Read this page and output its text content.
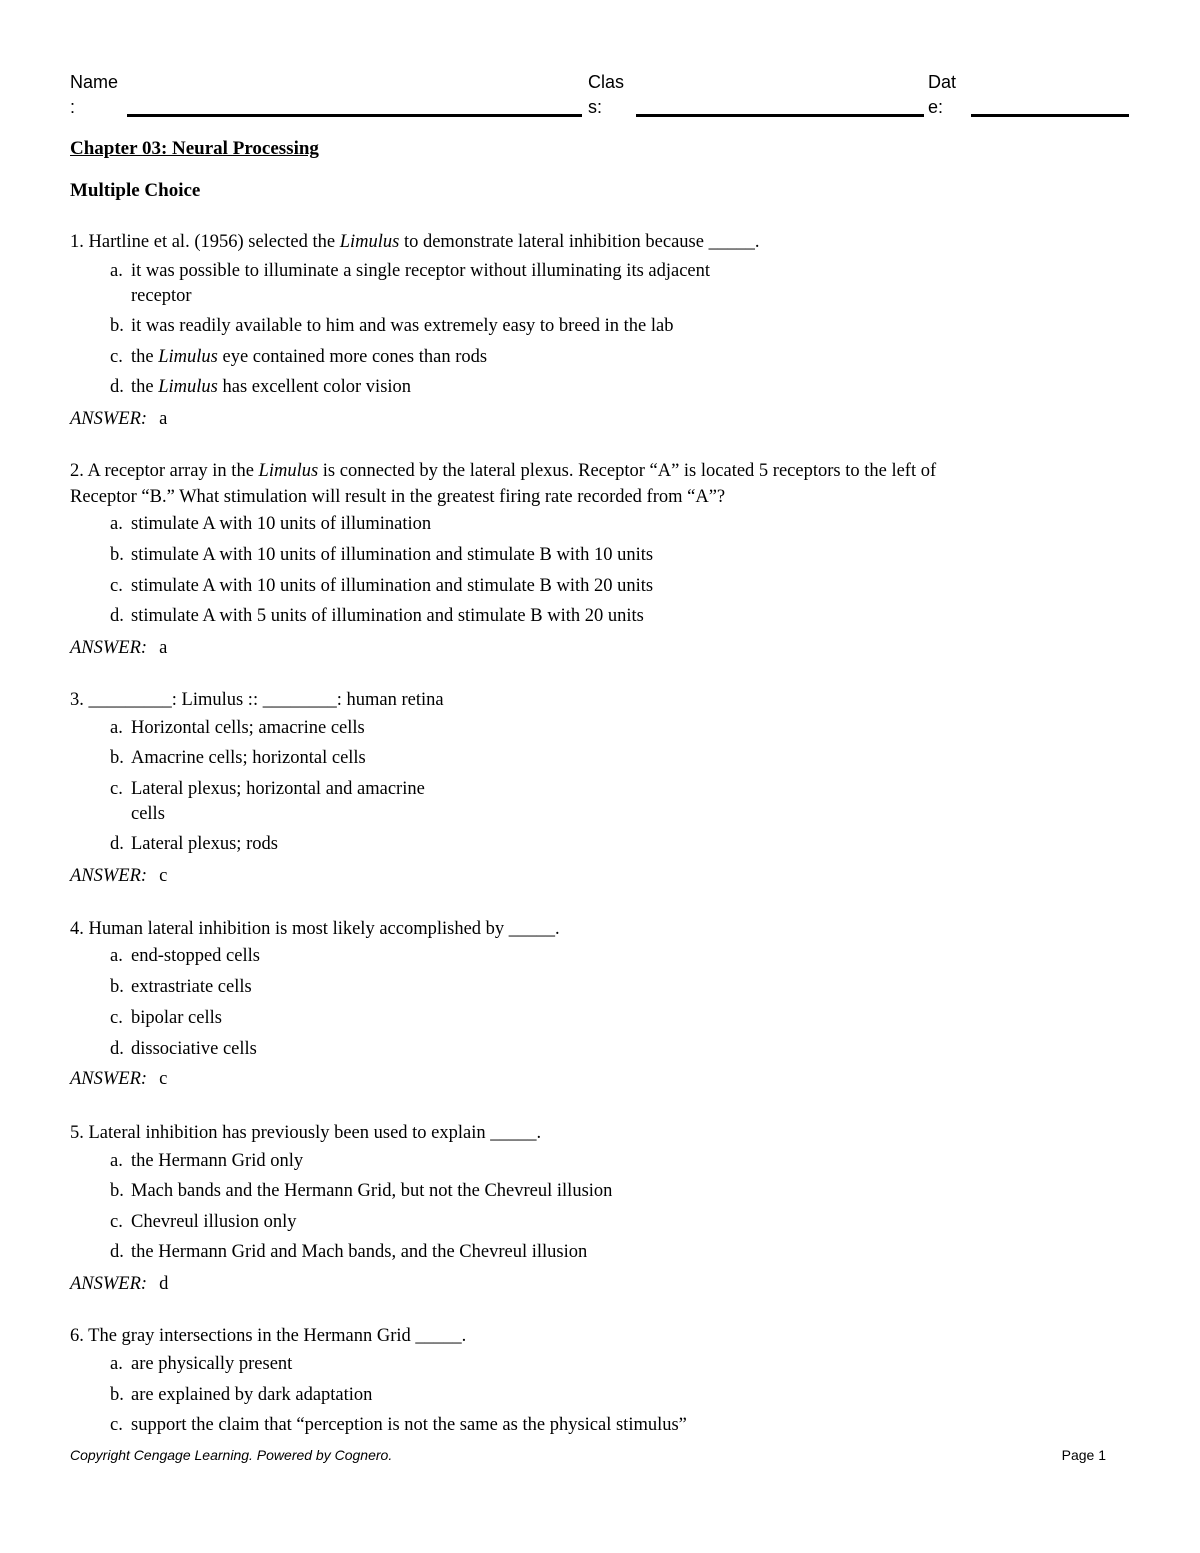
Name
:
Clas
s:
Dat
e:
Chapter 03: Neural Processing
Multiple Choice
1. Hartline et al. (1956) selected the Limulus to demonstrate lateral inhibition because _____.
a. it was possible to illuminate a single receptor without illuminating its adjacent
receptor
b. it was readily available to him and was extremely easy to breed in the lab
c. the Limulus eye contained more cones than rods
d. the Limulus has excellent color vision
ANSWER: a
2. A receptor array in the Limulus is connected by the lateral plexus. Receptor “A” is located 5 receptors to the left of
Receptor “B.” What stimulation will result in the greatest firing rate recorded from “A”?
a. stimulate A with 10 units of illumination
b. stimulate A with 10 units of illumination and stimulate B with 10 units
c. stimulate A with 10 units of illumination and stimulate B with 20 units
d. stimulate A with 5 units of illumination and stimulate B with 20 units
ANSWER: a
3. _________: Limulus :: ________: human retina
a. Horizontal cells; amacrine cells
b. Amacrine cells; horizontal cells
c. Lateral plexus; horizontal and amacrine
cells
d. Lateral plexus; rods
ANSWER: c
4. Human lateral inhibition is most likely accomplished by _____.
a. end-stopped cells
b. extrastriate cells
c. bipolar cells
d. dissociative cells
ANSWER: c
5. Lateral inhibition has previously been used to explain _____.
a. the Hermann Grid only
b. Mach bands and the Hermann Grid, but not the Chevreul illusion
c. Chevreul illusion only
d. the Hermann Grid and Mach bands, and the Chevreul illusion
ANSWER: d
6. The gray intersections in the Hermann Grid _____.
a. are physically present
b. are explained by dark adaptation
c. support the claim that “perception is not the same as the physical stimulus”
Copyright Cengage Learning. Powered by Cognero.	Page 1
